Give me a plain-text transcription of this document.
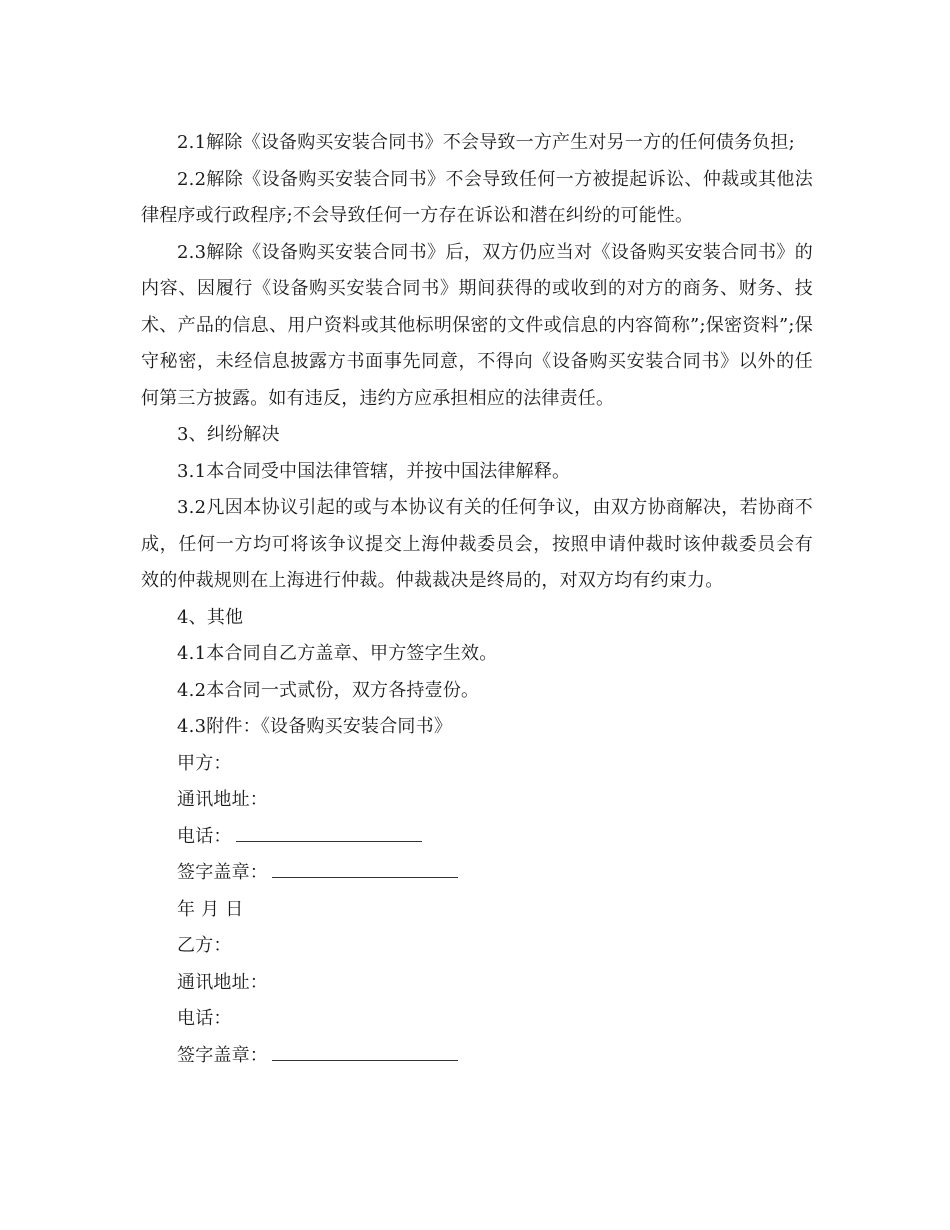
2.1解除《设备购买安装合同书》不会导致一方产生对另一方的任何债务负担;

2.2解除《设备购买安装合同书》不会导致任何一方被提起诉讼、仲裁或其他法律程序或行政程序;不会导致任何一方存在诉讼和潜在纠纷的可能性。

2.3解除《设备购买安装合同书》后，双方仍应当对《设备购买安装合同书》的内容、因履行《设备购买安装合同书》期间获得的或收到的对方的商务、财务、技术、产品的信息、用户资料或其他标明保密的文件或信息的内容简称”;保密资料”;保守秘密，未经信息披露方书面事先同意，不得向《设备购买安装合同书》以外的任何第三方披露。如有违反，违约方应承担相应的法律责任。

3、纠纷解决

3.1本合同受中国法律管辖，并按中国法律解释。

3.2凡因本协议引起的或与本协议有关的任何争议，由双方协商解决，若协商不成，任何一方均可将该争议提交上海仲裁委员会，按照申请仲裁时该仲裁委员会有效的仲裁规则在上海进行仲裁。仲裁裁决是终局的，对双方均有约束力。

4、其他

4.1本合同自乙方盖章、甲方签字生效。

4.2本合同一式贰份，双方各持壹份。

4.3附件：《设备购买安装合同书》

甲方：
通讯地址：
电话：
签字盖章：
年 月 日
乙方：
通讯地址：
电话：
签字盖章：
